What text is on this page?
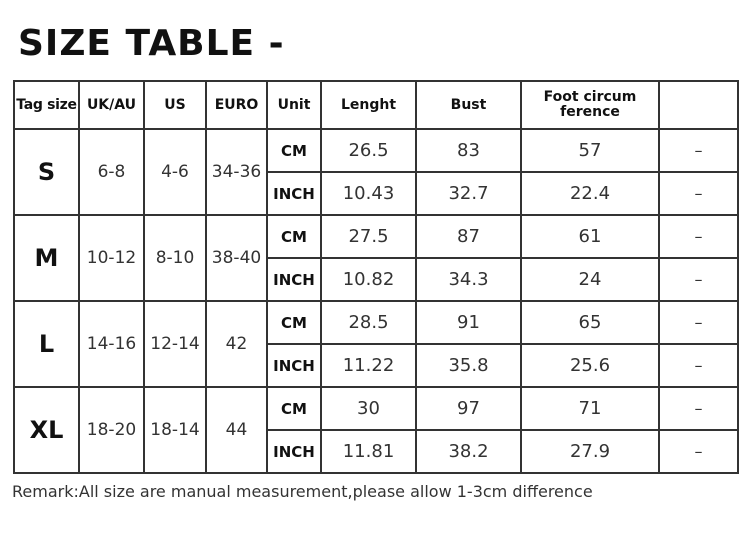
SIZE TABLE -
Tag size	UK/AU	US	EURO	Unit	Lenght	Bust	Foot circum
ference	
S	6-8	4-6	34-36	CM	26.5	83	57	–
				INCH	10.43	32.7	22.4	–
M	10-12	8-10	38-40	CM	27.5	87	61	–
				INCH	10.82	34.3	24	–
L	14-16	12-14	42	CM	28.5	91	65	–
				INCH	11.22	35.8	25.6	–
XL	18-20	18-14	44	CM	30	97	71	–
				INCH	11.81	38.2	27.9	–

Remark:All size are manual measurement,please allow 1-3cm difference
